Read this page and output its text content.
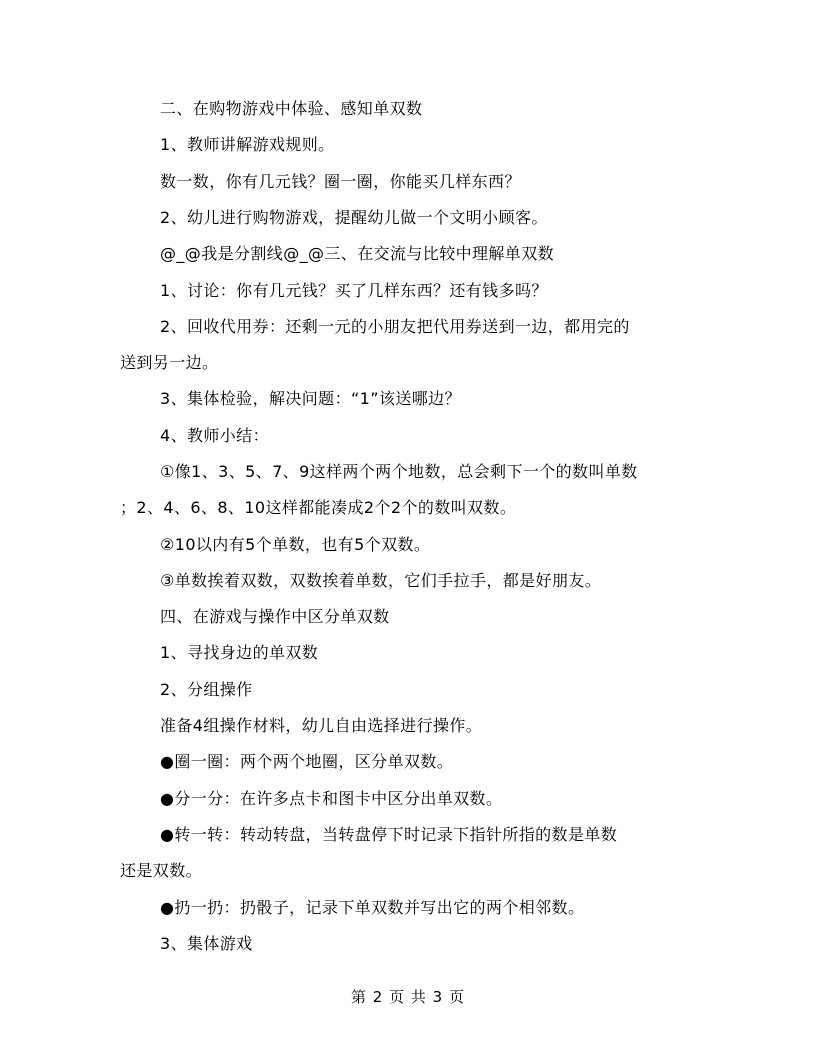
二、在购物游戏中体验、感知单双数
1、教师讲解游戏规则。
数一数，你有几元钱？圈一圈，你能买几样东西？
2、幼儿进行购物游戏，提醒幼儿做一个文明小顾客。
@_@我是分割线@_@三、在交流与比较中理解单双数
1、讨论：你有几元钱？买了几样东西？还有钱多吗？
2、回收代用券：还剩一元的小朋友把代用券送到一边，都用完的
送到另一边。
3、集体检验，解决问题：“1”该送哪边？
4、教师小结：
①像1、3、5、7、9这样两个两个地数，总会剩下一个的数叫单数
；2、4、6、8、10这样都能凑成2个2个的数叫双数。
②10以内有5个单数，也有5个双数。
③单数挨着双数，双数挨着单数，它们手拉手，都是好朋友。
四、在游戏与操作中区分单双数
1、寻找身边的单双数
2、分组操作
准备4组操作材料，幼儿自由选择进行操作。
●圈一圈：两个两个地圈，区分单双数。
●分一分：在许多点卡和图卡中区分出单双数。
●转一转：转动转盘，当转盘停下时记录下指针所指的数是单数
还是双数。
●扔一扔：扔骰子，记录下单双数并写出它的两个相邻数。
3、集体游戏
第 2 页 共 3 页
